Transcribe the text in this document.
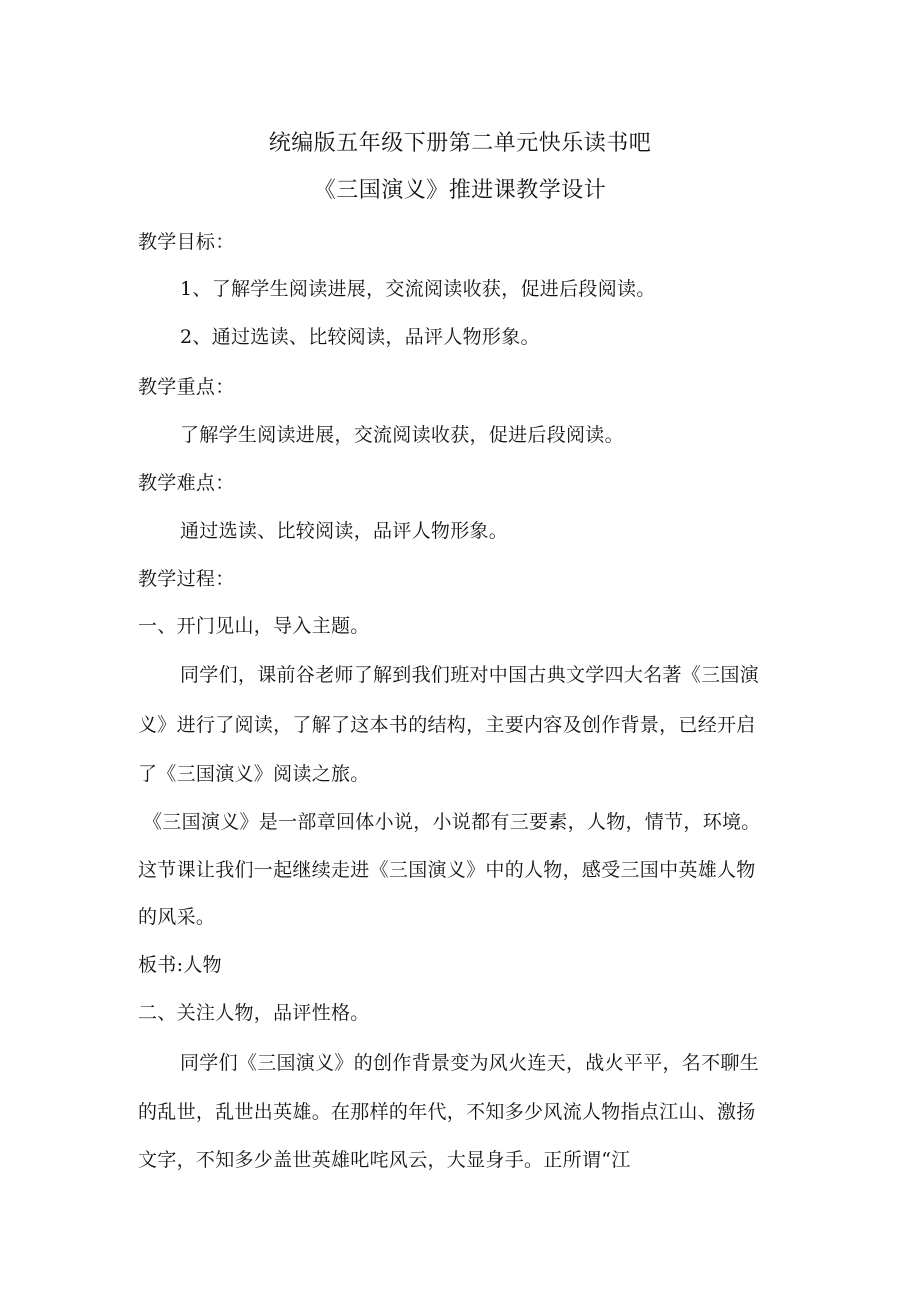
统编版五年级下册第二单元快乐读书吧
《三国演义》推进课教学设计
教学目标：
1、了解学生阅读进展，交流阅读收获，促进后段阅读。
2、通过选读、比较阅读，品评人物形象。
教学重点：
了解学生阅读进展，交流阅读收获，促进后段阅读。
教学难点：
通过选读、比较阅读，品评人物形象。
教学过程：
一、开门见山，导入主题。
同学们，课前谷老师了解到我们班对中国古典文学四大名著《三国演
义》进行了阅读，了解了这本书的结构，主要内容及创作背景，已经开启
了《三国演义》阅读之旅。
《三国演义》是一部章回体小说，小说都有三要素，人物，情节，环境。
这节课让我们一起继续走进《三国演义》中的人物，感受三国中英雄人物
的风采。
板书:人物
二、关注人物，品评性格。
同学们《三国演义》的创作背景变为风火连天，战火平平，名不聊生
的乱世，乱世出英雄。在那样的年代，不知多少风流人物指点江山、激扬
文字，不知多少盖世英雄叱咤风云，大显身手。正所谓“江
